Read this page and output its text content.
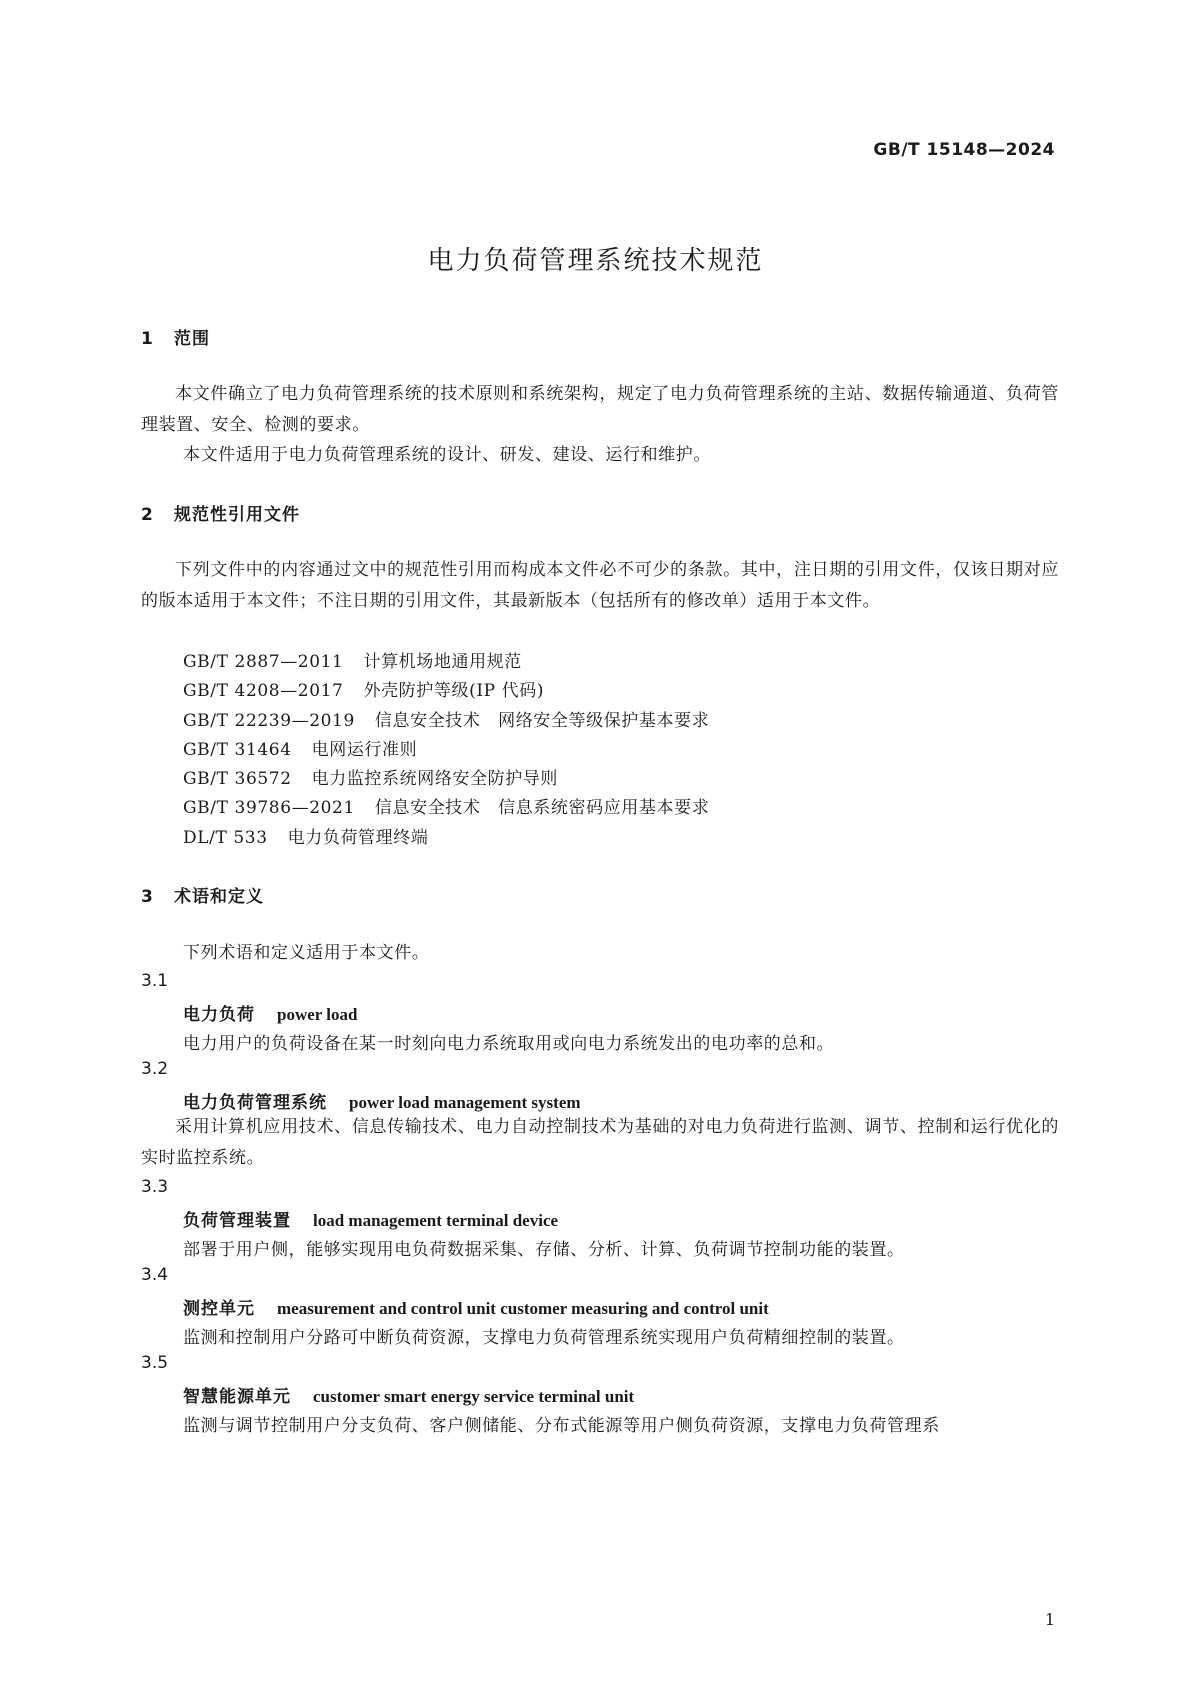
GB/T 15148—2024
电力负荷管理系统技术规范
1 范围
本文件确立了电力负荷管理系统的技术原则和系统架构，规定了电力负荷管理系统的主站、数据传输通道、负荷管理装置、安全、检测的要求。
本文件适用于电力负荷管理系统的设计、研发、建设、运行和维护。
2 规范性引用文件
下列文件中的内容通过文中的规范性引用而构成本文件必不可少的条款。其中，注日期的引用文件，仅该日期对应的版本适用于本文件；不注日期的引用文件，其最新版本（包括所有的修改单）适用于本文件。
GB/T 2887—2011 计算机场地通用规范
GB/T 4208—2017 外壳防护等级(IP 代码)
GB/T 22239—2019 信息安全技术　网络安全等级保护基本要求
GB/T 31464 电网运行准则
GB/T 36572 电力监控系统网络安全防护导则
GB/T 39786—2021 信息安全技术　信息系统密码应用基本要求
DL/T 533 电力负荷管理终端
3 术语和定义
下列术语和定义适用于本文件。
3.1
电力负荷 power load
电力用户的负荷设备在某一时刻向电力系统取用或向电力系统发出的电功率的总和。
3.2
电力负荷管理系统 power load management system
采用计算机应用技术、信息传输技术、电力自动控制技术为基础的对电力负荷进行监测、调节、控制和运行优化的实时监控系统。
3.3
负荷管理装置 load management terminal device
部署于用户侧，能够实现用电负荷数据采集、存储、分析、计算、负荷调节控制功能的装置。
3.4
测控单元 measurement and control unit customer measuring and control unit
监测和控制用户分路可中断负荷资源，支撑电力负荷管理系统实现用户负荷精细控制的装置。
3.5
智慧能源单元 customer smart energy service terminal unit
监测与调节控制用户分支负荷、客户侧储能、分布式能源等用户侧负荷资源，支撑电力负荷管理系
1
